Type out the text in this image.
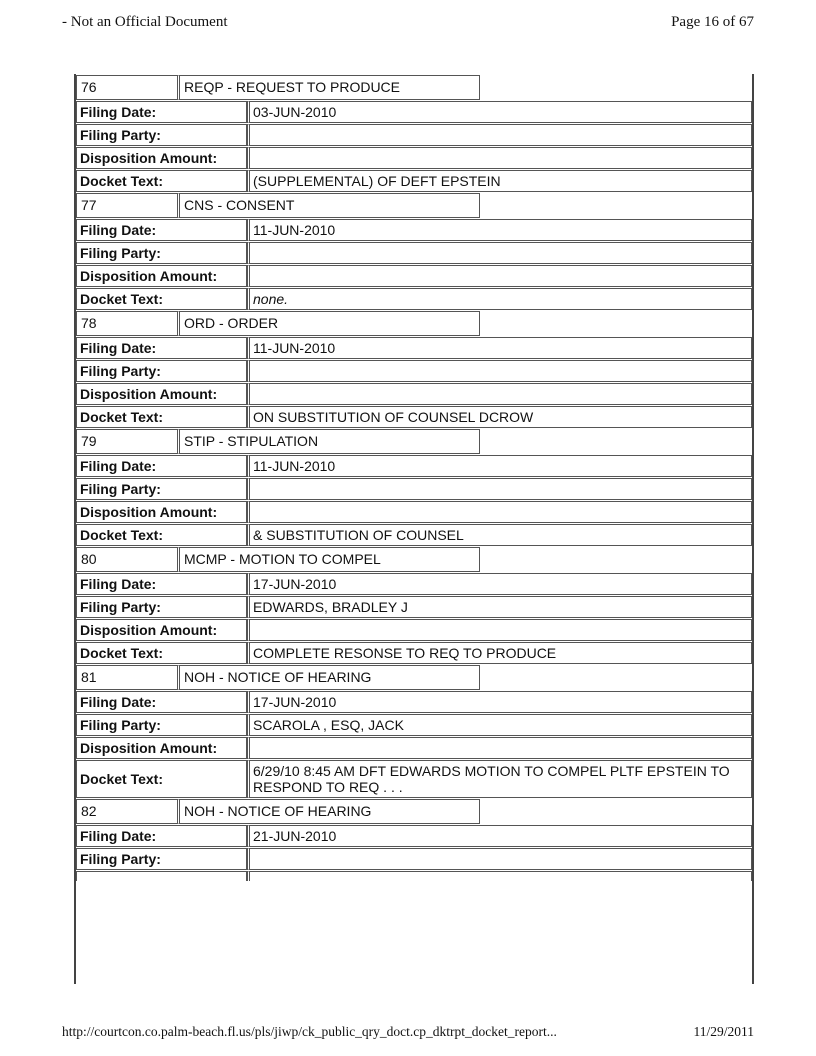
- Not an Official Document	Page 16 of 67
76	REQP - REQUEST TO PRODUCE
Filing Date:	03-JUN-2010
Filing Party:
Disposition Amount:
Docket Text:	(SUPPLEMENTAL) OF DEFT EPSTEIN
77	CNS - CONSENT
Filing Date:	11-JUN-2010
Filing Party:
Disposition Amount:
Docket Text:	none.
78	ORD - ORDER
Filing Date:	11-JUN-2010
Filing Party:
Disposition Amount:
Docket Text:	ON SUBSTITUTION OF COUNSEL DCROW
79	STIP - STIPULATION
Filing Date:	11-JUN-2010
Filing Party:
Disposition Amount:
Docket Text:	& SUBSTITUTION OF COUNSEL
80	MCMP - MOTION TO COMPEL
Filing Date:	17-JUN-2010
Filing Party:	EDWARDS, BRADLEY J
Disposition Amount:
Docket Text:	COMPLETE RESONSE TO REQ TO PRODUCE
81	NOH - NOTICE OF HEARING
Filing Date:	17-JUN-2010
Filing Party:	SCAROLA , ESQ, JACK
Disposition Amount:
Docket Text:	6/29/10 8:45 AM DFT EDWARDS MOTION TO COMPEL PLTF EPSTEIN TO RESPOND TO REQ . . .
82	NOH - NOTICE OF HEARING
Filing Date:	21-JUN-2010
Filing Party:
http://courtcon.co.palm-beach.fl.us/pls/jiwp/ck_public_qry_doct.cp_dktrpt_docket_report...	11/29/2011
